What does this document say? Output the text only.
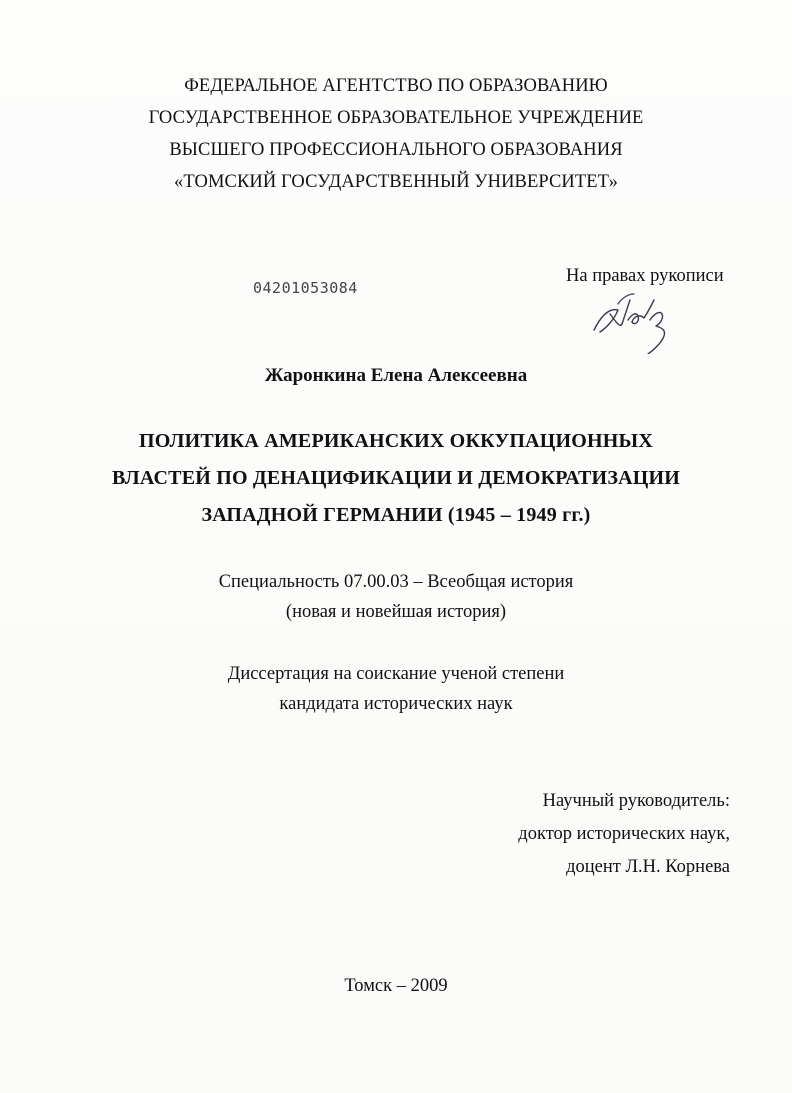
ФЕДЕРАЛЬНОЕ АГЕНТСТВО ПО ОБРАЗОВАНИЮ
ГОСУДАРСТВЕННОЕ ОБРАЗОВАТЕЛЬНОЕ УЧРЕЖДЕНИЕ
ВЫСШЕГО ПРОФЕССИОНАЛЬНОГО ОБРАЗОВАНИЯ
«ТОМСКИЙ ГОСУДАРСТВЕННЫЙ УНИВЕРСИТЕТ»
04201053084
На правах рукописи
Жаронкина Елена Алексеевна
ПОЛИТИКА АМЕРИКАНСКИХ ОККУПАЦИОННЫХ
ВЛАСТЕЙ ПО ДЕНАЦИФИКАЦИИ И ДЕМОКРАТИЗАЦИИ
ЗАПАДНОЙ ГЕРМАНИИ (1945 – 1949 гг.)
Специальность 07.00.03 – Всеобщая история
(новая и новейшая история)
Диссертация на соискание ученой степени
кандидата исторических наук
Научный руководитель:
доктор исторических наук,
доцент Л.Н. Корнева
Томск – 2009
